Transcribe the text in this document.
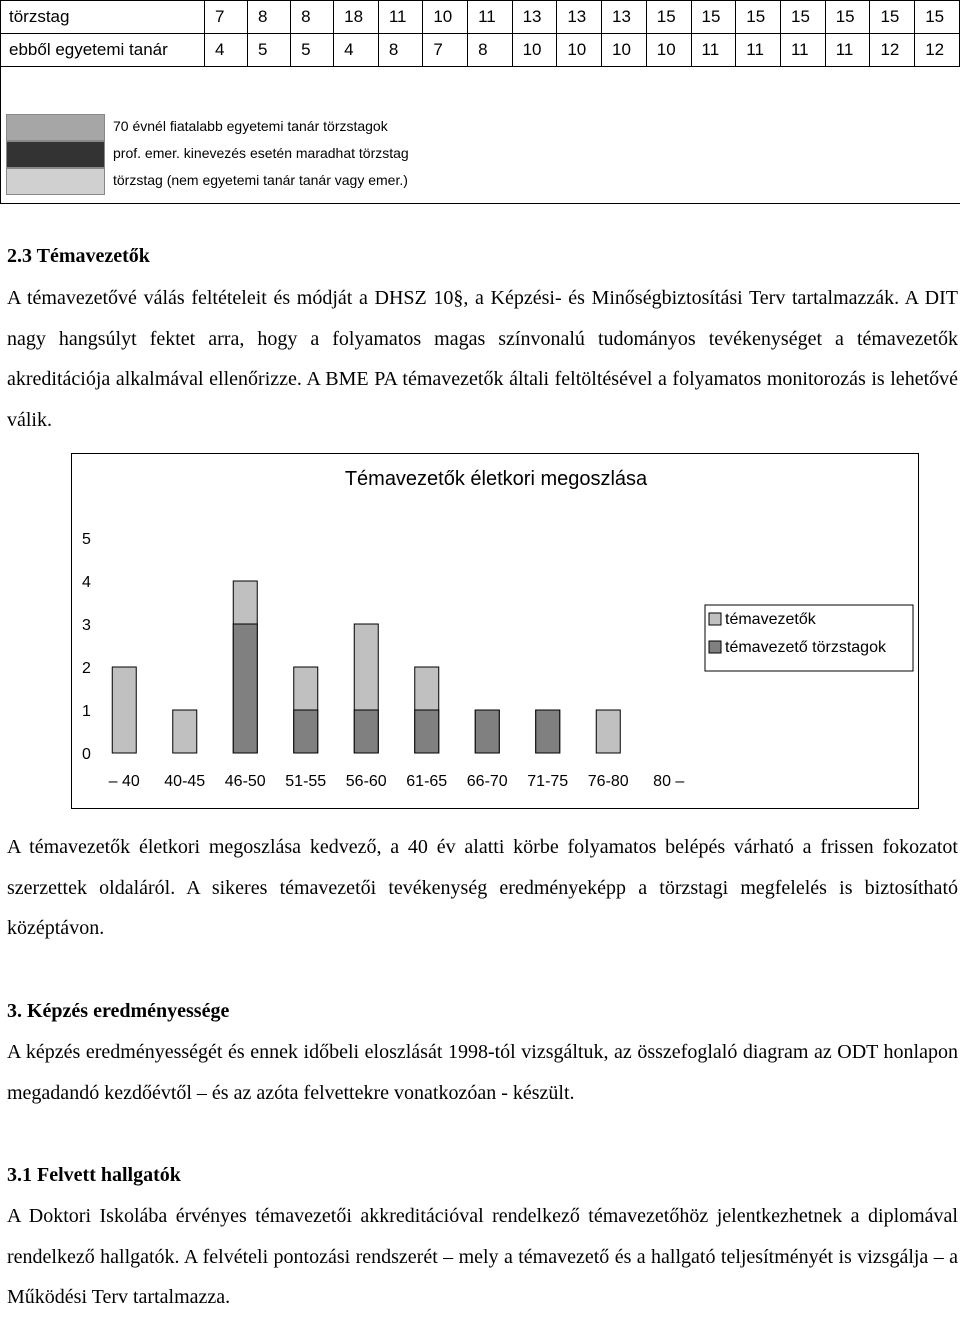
törzstag	7	8	8	18	11	10	11	13	13	13	15	15	15	15	15	15	15
ebből egyetemi tanár	4	5	5	4	8	7	8	10	10	10	10	11	11	11	11	12	12
70 évnél fiatalabb egyetemi tanár törzstagok
prof. emer. kinevezés esetén maradhat törzstag
törzstag (nem egyetemi tanár tanár vagy emer.)
2.3 Témavezetők
A témavezetővé válás feltételeit és módját a DHSZ 10§, a Képzési- és Minőségbiztosítási Terv tartalmazzák. A DIT nagy hangsúlyt fektet arra, hogy a folyamatos magas színvonalú tudományos tevékenységet a témavezetők akreditációja alkalmával ellenőrizze. A BME PA témavezetők általi feltöltésével a folyamatos monitorozás is lehetővé válik.
Témavezetők életkori megoszlása
0
1
2
3
4
5
– 40 40-45 46-50 51-55 56-60 61-65 66-70 71-75 76-80 80 –
témavezetők
témavezető törzstagok
A témavezetők életkori megoszlása kedvező, a 40 év alatti körbe folyamatos belépés várható a frissen fokozatot szerzettek oldaláról. A sikeres témavezetői tevékenység eredményeképp a törzstagi megfelelés is biztosítható középtávon.
3. Képzés eredményessége
A képzés eredményességét és ennek időbeli eloszlását 1998-tól vizsgáltuk, az összefoglaló diagram az ODT honlapon megadandó kezdőévtől – és az azóta felvettekre vonatkozóan - készült.
3.1 Felvett hallgatók
A Doktori Iskolába érvényes témavezetői akkreditációval rendelkező témavezetőhöz jelentkezhetnek a diplomával rendelkező hallgatók. A felvételi pontozási rendszerét – mely a témavezető és a hallgató teljesítményét is vizsgálja – a Működési Terv tartalmazza.
